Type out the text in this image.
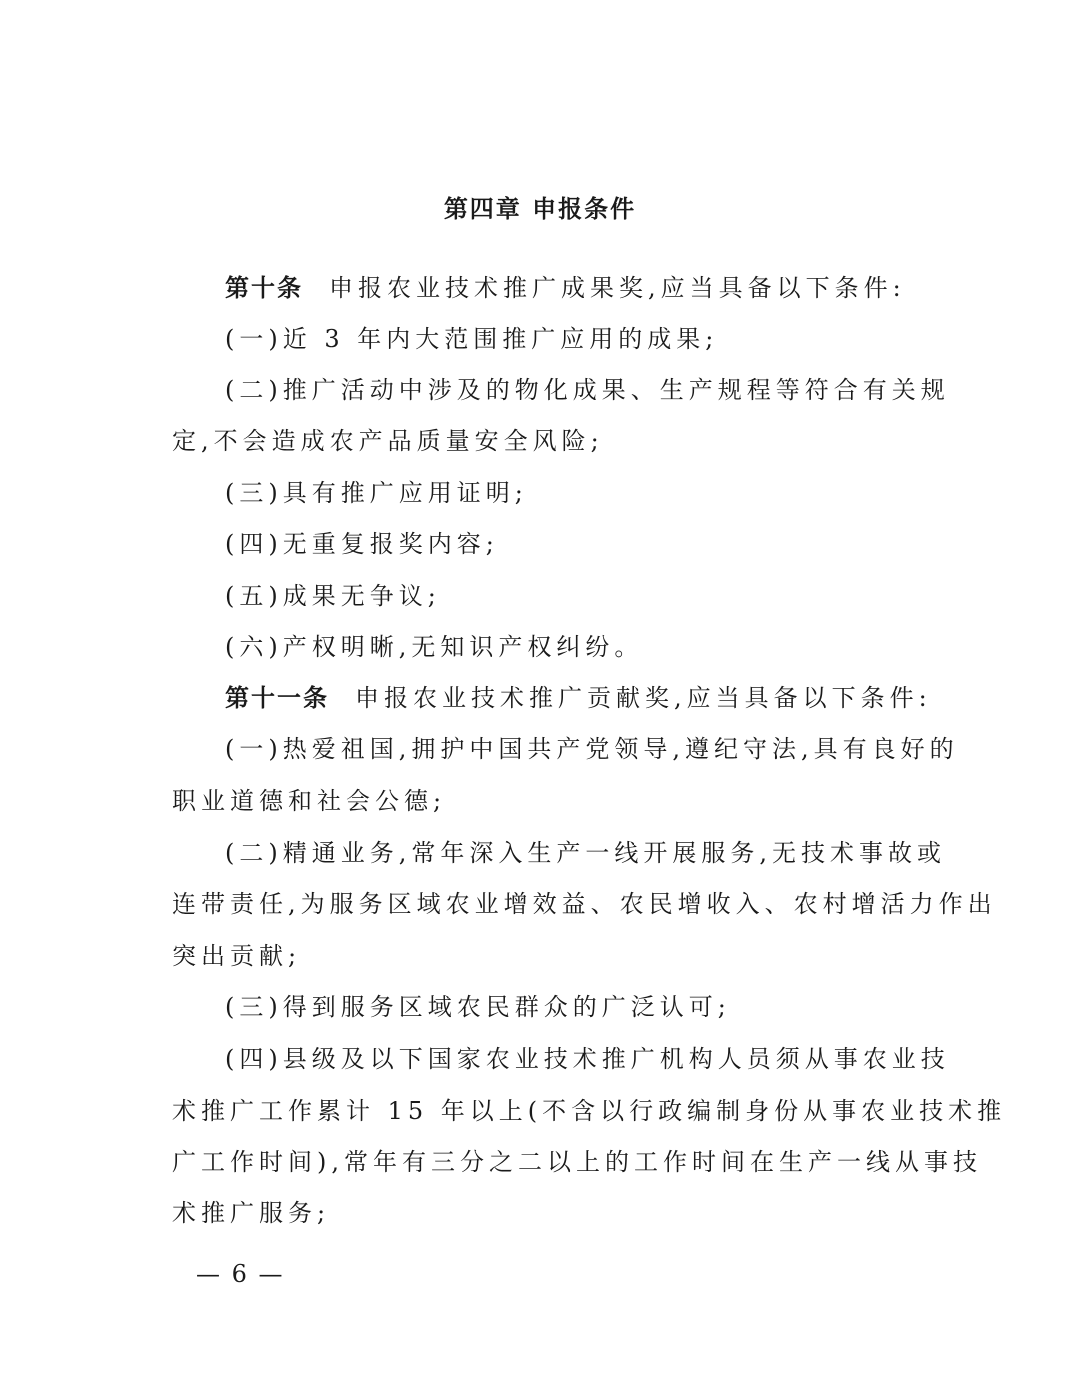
第四章 申报条件
第十条 申报农业技术推广成果奖,应当具备以下条件:
(一)近 3 年内大范围推广应用的成果;
(二)推广活动中涉及的物化成果、生产规程等符合有关规
定,不会造成农产品质量安全风险;
(三)具有推广应用证明;
(四)无重复报奖内容;
(五)成果无争议;
(六)产权明晰,无知识产权纠纷。
第十一条 申报农业技术推广贡献奖,应当具备以下条件:
(一)热爱祖国,拥护中国共产党领导,遵纪守法,具有良好的
职业道德和社会公德;
(二)精通业务,常年深入生产一线开展服务,无技术事故或
连带责任,为服务区域农业增效益、农民增收入、农村增活力作出
突出贡献;
(三)得到服务区域农民群众的广泛认可;
(四)县级及以下国家农业技术推广机构人员须从事农业技
术推广工作累计 15 年以上(不含以行政编制身份从事农业技术推
广工作时间),常年有三分之二以上的工作时间在生产一线从事技
术推广服务;
— 6 —
